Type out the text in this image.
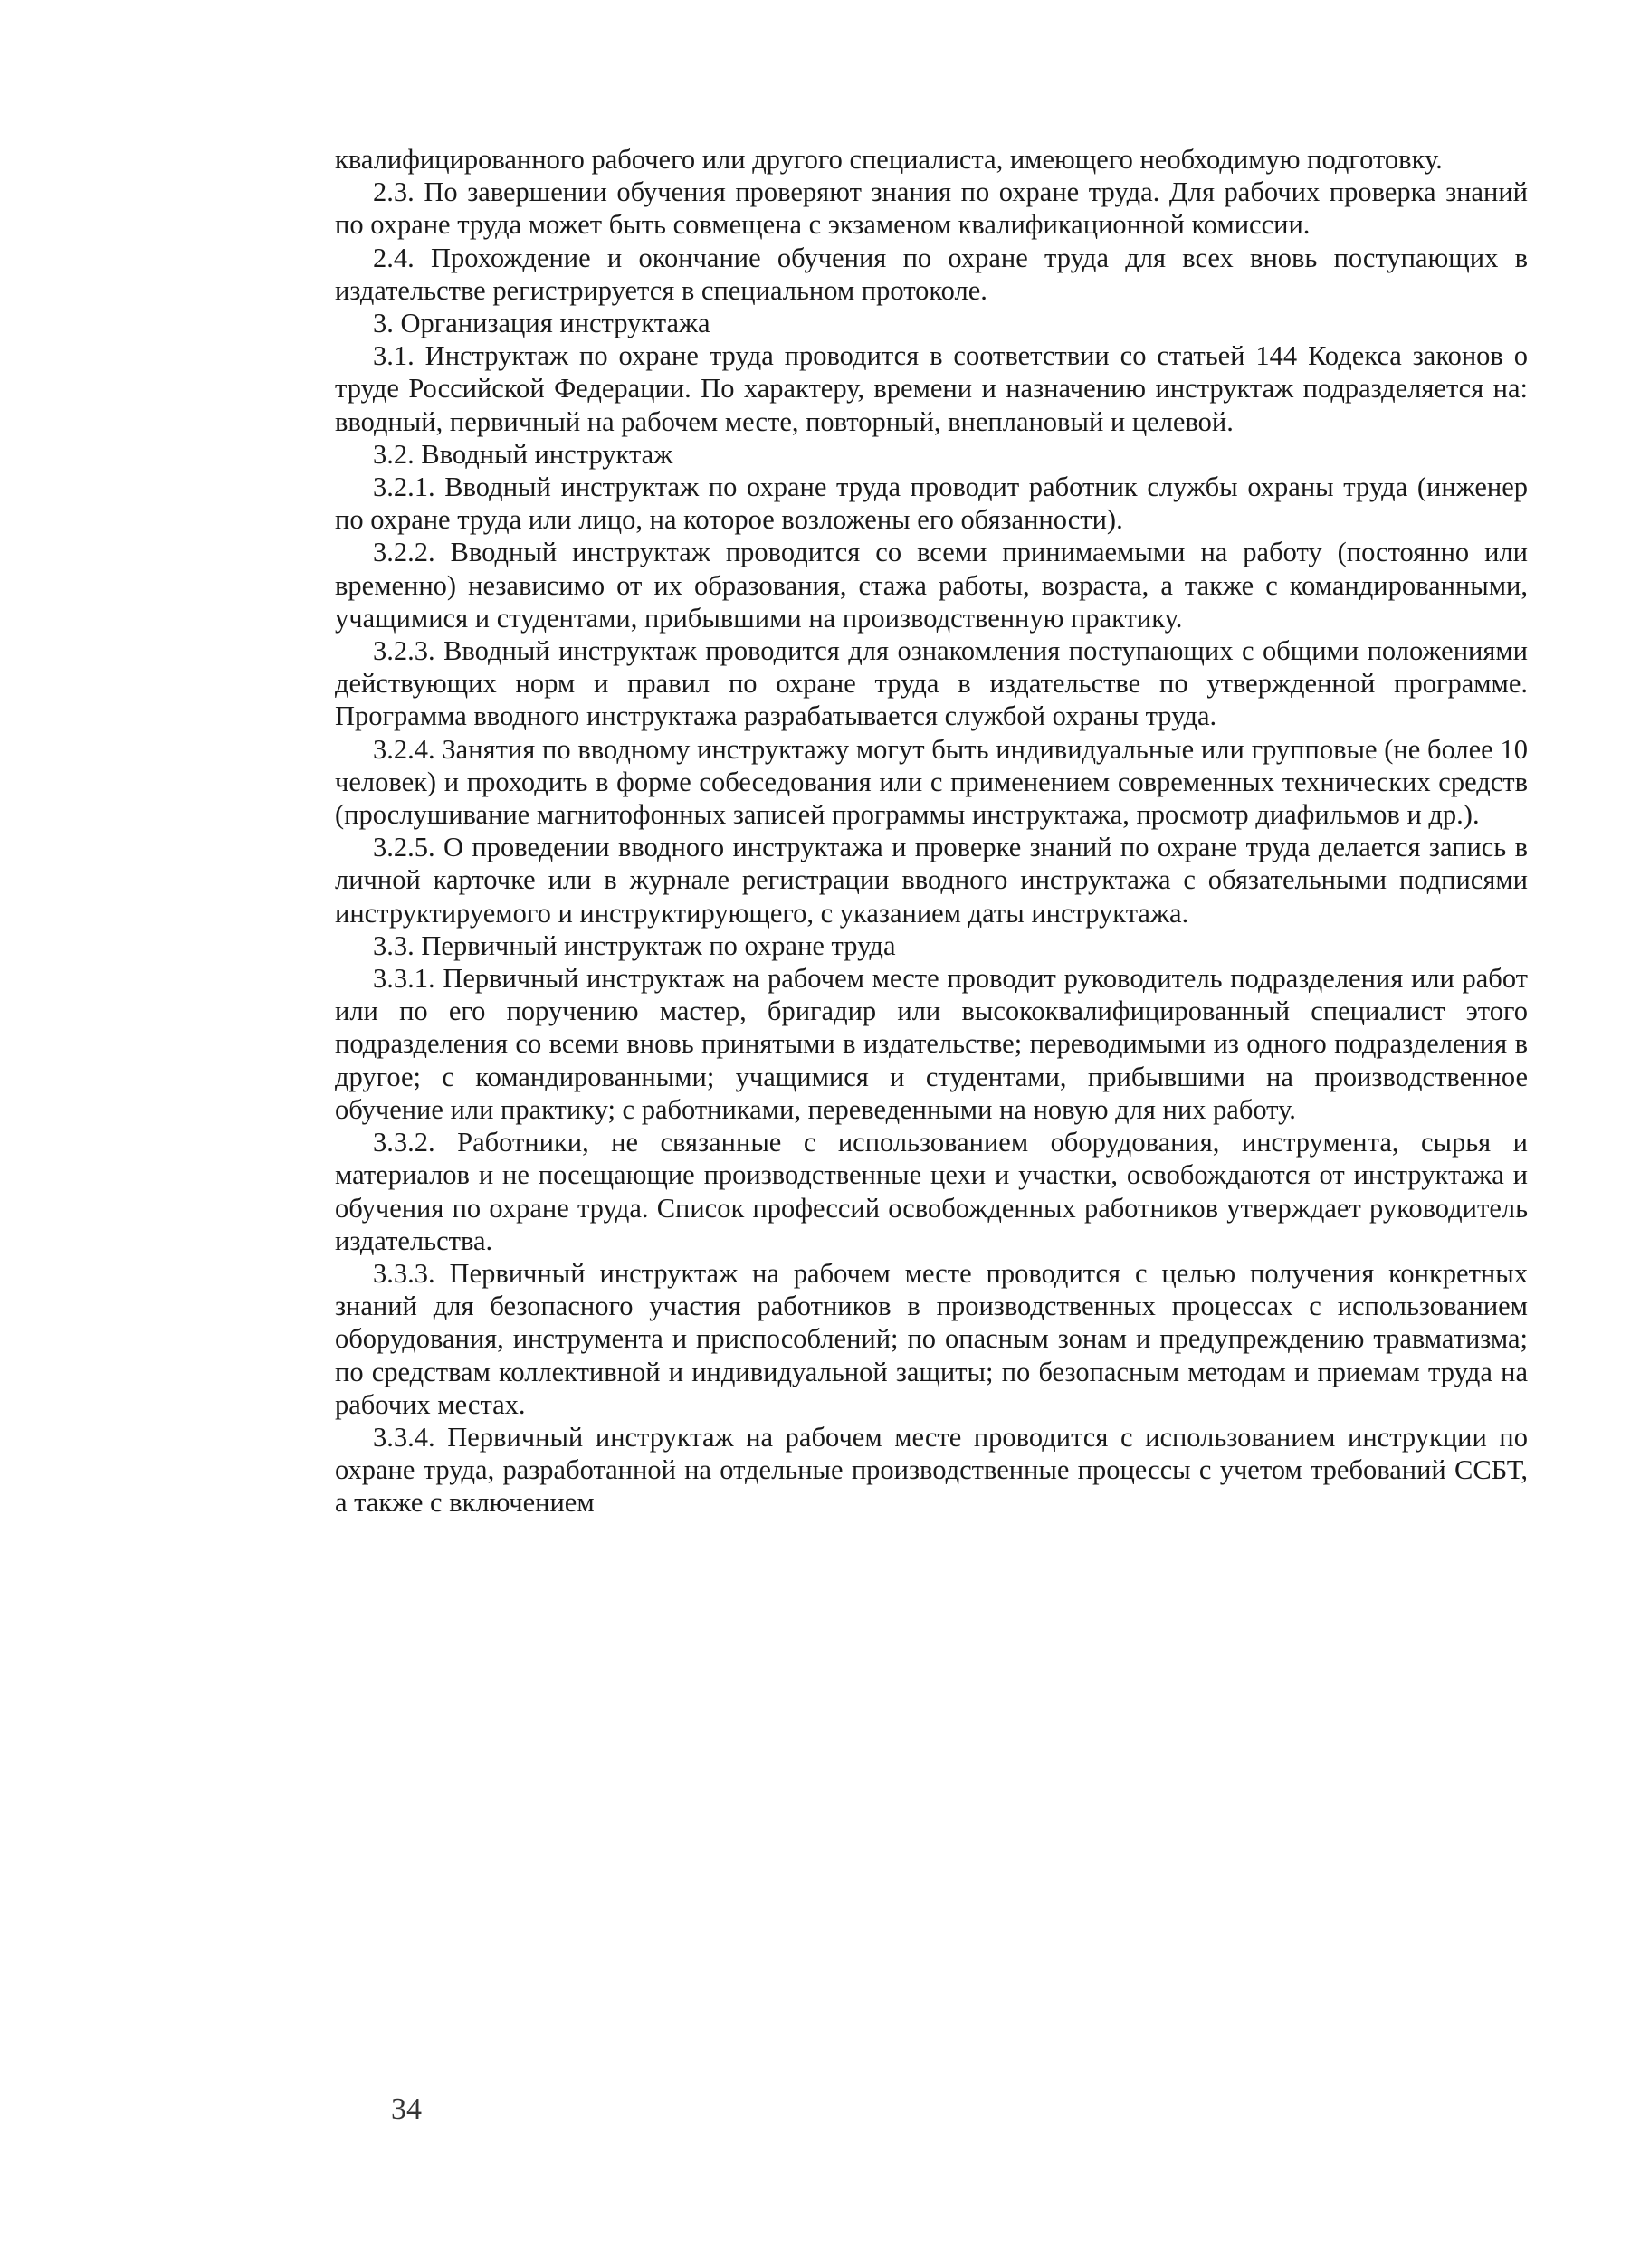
квалифицированного рабочего или другого специалиста, имеющего необходимую подготовку.

2.3. По завершении обучения проверяют знания по охране труда. Для рабочих проверка знаний по охране труда может быть совмещена с экзаменом квалификационной комиссии.

2.4. Прохождение и окончание обучения по охране труда для всех вновь поступающих в издательстве регистрируется в специальном протоколе.

3. Организация инструктажа

3.1. Инструктаж по охране труда проводится в соответствии со статьей 144 Кодекса законов о труде Российской Федерации. По характеру, времени и назначению инструктаж подразделяется на: вводный, первичный на рабочем месте, повторный, внеплановый и целевой.

3.2. Вводный инструктаж

3.2.1. Вводный инструктаж по охране труда проводит работник службы охраны труда (инженер по охране труда или лицо, на которое возложены его обязанности).

3.2.2. Вводный инструктаж проводится со всеми принимаемыми на работу (постоянно или временно) независимо от их образования, стажа работы, возраста, а также с командированными, учащимися и студентами, прибывшими на производственную практику.

3.2.3. Вводный инструктаж проводится для ознакомления поступающих с общими положениями действующих норм и правил по охране труда в издательстве по утвержденной программе. Программа вводного инструктажа разрабатывается службой охраны труда.

3.2.4. Занятия по вводному инструктажу могут быть индивидуальные или групповые (не более 10 человек) и проходить в форме собеседования или с применением современных технических средств (прослушивание магнитофонных записей программы инструктажа, просмотр диафильмов и др.).

3.2.5. О проведении вводного инструктажа и проверке знаний по охране труда делается запись в личной карточке или в журнале регистрации вводного инструктажа с обязательными подписями инструктируемого и инструктирующего, с указанием даты инструктажа.

3.3. Первичный инструктаж по охране труда

3.3.1. Первичный инструктаж на рабочем месте проводит руководитель подразделения или работ или по его поручению мастер, бригадир или высококвалифицированный специалист этого подразделения со всеми вновь принятыми в издательстве; переводимыми из одного подразделения в другое; с командированными; учащимися и студентами, прибывшими на производственное обучение или практику; с работниками, переведенными на новую для них работу.

3.3.2. Работники, не связанные с использованием оборудования, инструмента, сырья и материалов и не посещающие производственные цехи и участки, освобождаются от инструктажа и обучения по охране труда. Список профессий освобожденных работников утверждает руководитель издательства.

3.3.3. Первичный инструктаж на рабочем месте проводится с целью получения конкретных знаний для безопасного участия работников в производственных процессах с использованием оборудования, инструмента и приспособлений; по опасным зонам и предупреждению травматизма; по средствам коллективной и индивидуальной защиты; по безопасным методам и приемам труда на рабочих местах.

3.3.4. Первичный инструктаж на рабочем месте проводится с использованием инструкции по охране труда, разработанной на отдельные производственные процессы с учетом требований ССБТ, а также с включением

34
